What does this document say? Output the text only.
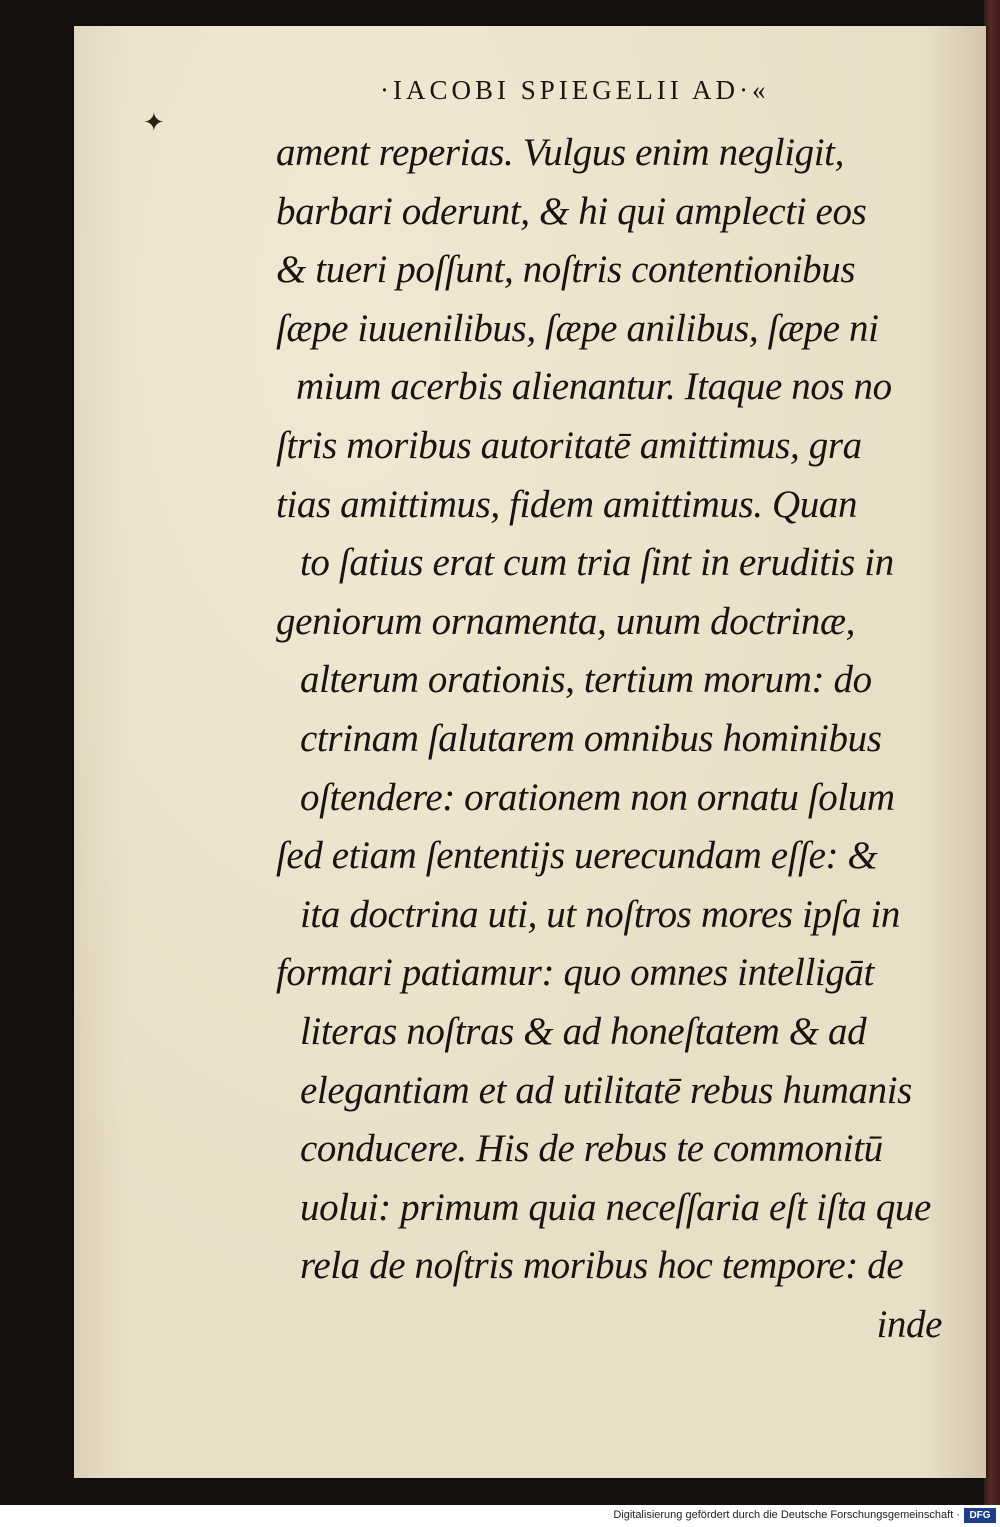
·IACOBI SPIEGELII AD·«
✦
ament reperias. Vulgus enim negligit,
barbari oderunt, & hi qui amplecti eos
& tueri poſſunt, noſtris contentionibus
ſæpe iuuenilibus, ſæpe anilibus, ſæpe ni
mium acerbis alienantur. Itaque nos no
ſtris moribus autoritatē amittimus, gra
tias amittimus, fidem amittimus. Quan
to ſatius erat cum tria ſint in eruditis in
geniorum ornamenta, unum doctrinæ,
alterum orationis, tertium morum: do
ctrinam ſalutarem omnibus hominibus
oſtendere: orationem non ornatu ſolum
ſed etiam ſententijs uerecundam eſſe: &
ita doctrina uti, ut noſtros mores ipſa in
formari patiamur: quo omnes intelligāt
literas noſtras & ad honeſtatem & ad
elegantiam et ad utilitatē rebus humanis
conducere. His de rebus te commonitū
uolui: primum quia neceſſaria eſt iſta que
rela de noſtris moribus hoc tempore: de
inde
Digitalisierung gefördert durch die Deutsche Forschungsgemeinschaft · DFG
